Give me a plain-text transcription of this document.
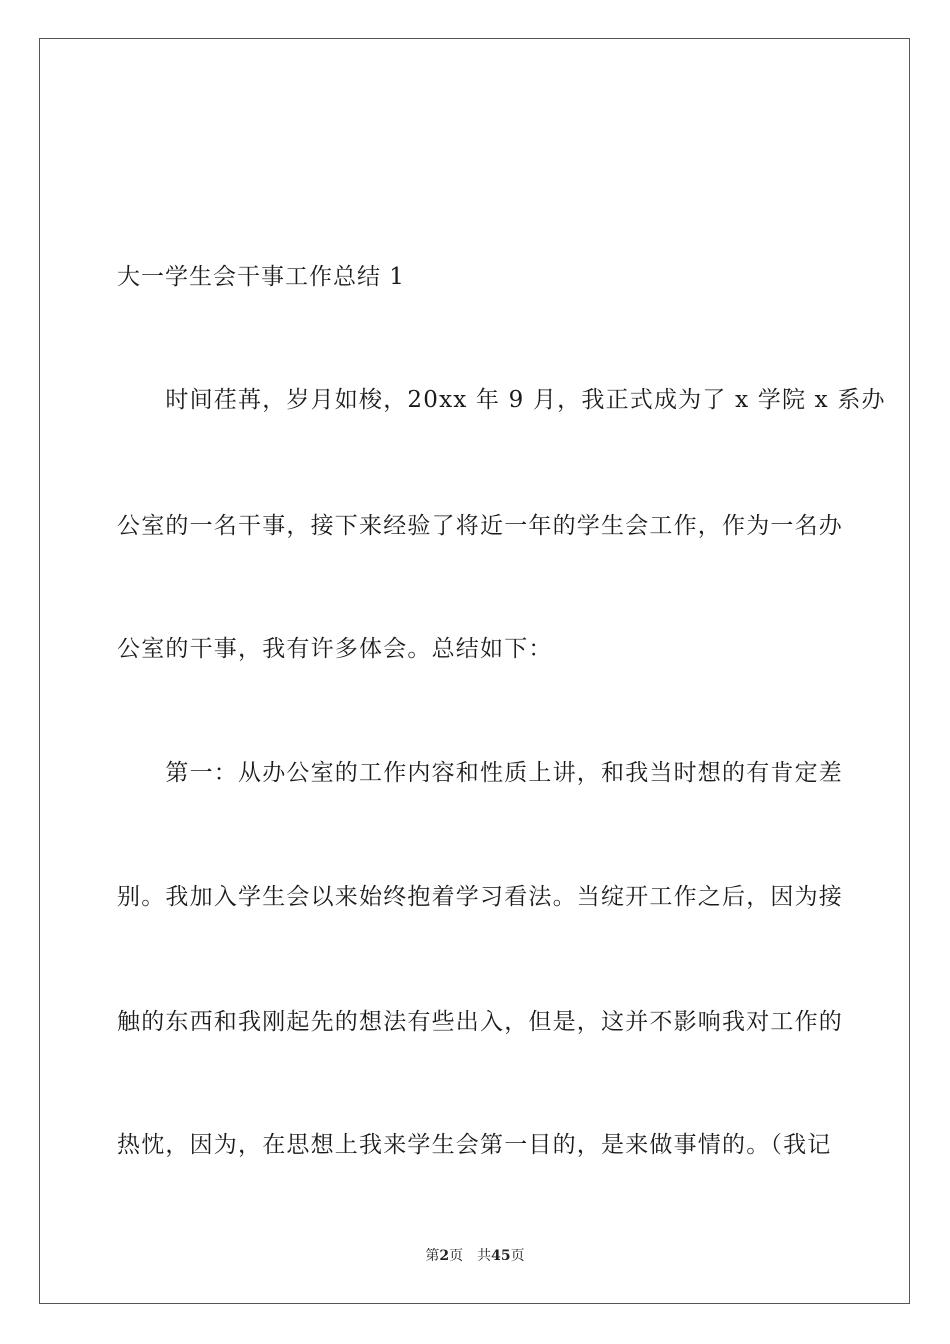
大一学生会干事工作总结 1
　　时间荏苒，岁月如梭，20xx 年 9 月，我正式成为了 x 学院 x 系办
公室的一名干事，接下来经验了将近一年的学生会工作，作为一名办
公室的干事，我有许多体会。总结如下：
　　第一：从办公室的工作内容和性质上讲，和我当时想的有肯定差
别。我加入学生会以来始终抱着学习看法。当绽开工作之后，因为接
触的东西和我刚起先的想法有些出入，但是，这并不影响我对工作的
热忱，因为，在思想上我来学生会第一目的，是来做事情的。（我记
第2页 共45页
